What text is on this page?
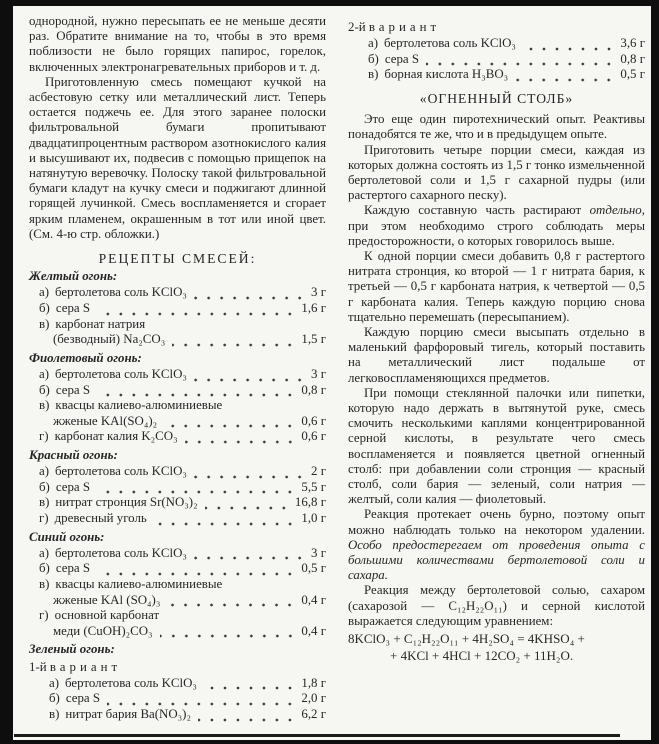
однородной, нужно пересыпать ее не меньше десяти раз. Обратите внимание на то, чтобы в это время поблизости не было горящих папирос, горелок, включенных электронагревательных приборов и т. д.

Приготовленную смесь помещают кучкой на асбестовую сетку или металлический лист. Теперь остается поджечь ее. Для этого заранее полоски фильтровальной бумаги пропитывают двадцатипроцентным раствором азотнокислого калия и высушивают их, подвесив с помощью прищепок на натянутую веревочку. Полоску такой фильтровальной бумаги кладут на кучку смеси и поджигают длинной горящей лучинкой. Смесь воспламеняется и сгорает ярким пламенем, окрашенным в тот или иной цвет. (См. 4-ю стр. обложки.)

РЕЦЕПТЫ СМЕСЕЙ:
Желтый огонь:
а) бертолетова соль KClO₃	3 г
б) сера S	1,6 г
в) карбонат натрия
(безводный) Na₂CO₃	1,5 г
Фиолетовый огонь:
а) бертолетова соль KClO₃	3 г
б) сера S	0,8 г
в) квасцы калиево-алюминиевые
жженые KAl(SO₄)₂	0,6 г
г) карбонат калия K₂CO₃	0,6 г
Красный огонь:
а) бертолетова соль KClO₃	2 г
б) сера S	5,5 г
в) нитрат стронция Sr(NO₃)₂	16,8 г
г) древесный уголь	1,0 г
Синий огонь:
а) бертолетова соль KClO₃	3 г
б) сера S	0,5 г
в) квасцы калиево-алюминиевые
жженые KAl (SO₄)₃	0,4 г
г) основной карбонат
меди (CuOH)₂CO₃	0,4 г
Зеленый огонь:
1-й вариант
а) бертолетова соль KClO₃	1,8 г
б) сера S	2,0 г
в) нитрат бария Ba(NO₃)₂	6,2 г
2-й вариант
а) бертолетова соль KClO₃	3,6 г
б) сера S	0,8 г
в) борная кислота H₃BO₃	0,5 г
«ОГНЕННЫЙ СТОЛБ»

Это еще один пиротехнический опыт. Реактивы понадобятся те же, что и в предыдущем опыте.

Приготовить четыре порции смеси, каждая из которых должна состоять из 1,5 г тонко измельченной бертолетовой соли и 1,5 г сахарной пудры (или растертого сахарного песку).

Каждую составную часть растирают отдельно, при этом необходимо строго соблюдать меры предосторожности, о которых говорилось выше.

К одной порции смеси добавить 0,8 г растертого нитрата стронция, ко второй — 1 г нитрата бария, к третьей — 0,5 г карбоната натрия, к четвертой — 0,5 г карбоната калия. Теперь каждую порцию снова тщательно перемешать (пересыпанием).

Каждую порцию смеси высыпать отдельно в маленький фарфоровый тигель, который поставить на металлический лист подальше от легковоспламеняющихся предметов.

При помощи стеклянной палочки или пипетки, которую надо держать в вытянутой руке, смесь смочить несколькими каплями концентрированной серной кислоты, в результате чего смесь воспламеняется и появляется цветной огненный столб: при добавлении соли стронция — красный столб, соли бария — зеленый, соли натрия — желтый, соли калия — фиолетовый.

Реакция протекает очень бурно, поэтому опыт можно наблюдать только на некотором удалении. Особо предостерегаем от проведения опыта с большими количествами бертолетовой соли и сахара.

Реакция между бертолетовой солью, сахаром (сахарозой — C₁₂H₂₂O₁₁) и серной кислотой выражается следующим уравнением:

8KClO₃ + C₁₂H₂₂O₁₁ + 4H₂SO₄ = 4KHSO₄ +
+ 4KCl + 4HCl + 12CO₂ + 11H₂O.
